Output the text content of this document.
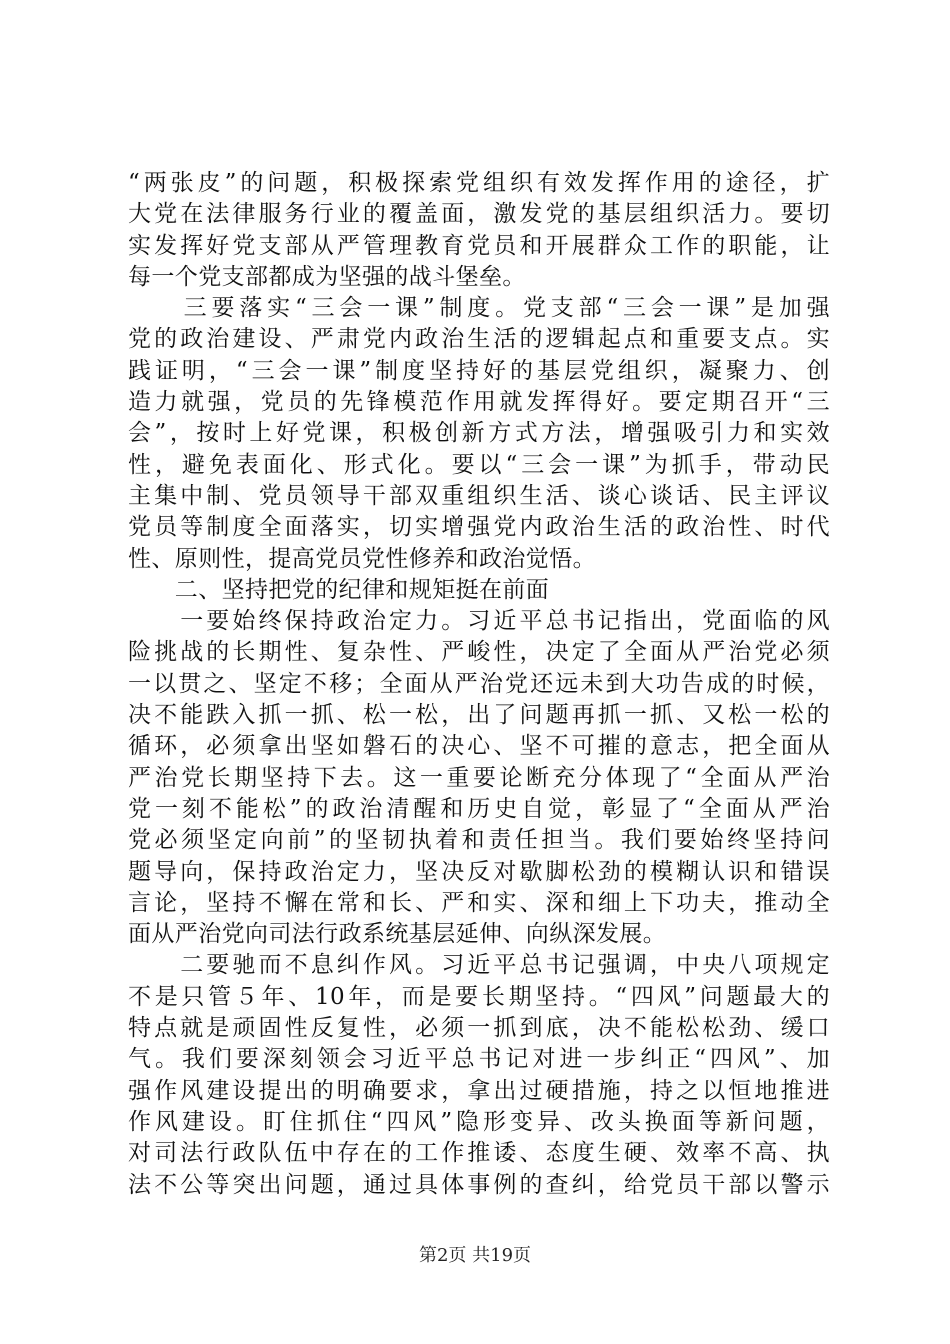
“两张皮”的问题，积极探索党组织有效发挥作用的途径，扩
大党在法律服务行业的覆盖面，激发党的基层组织活力。要切
实发挥好党支部从严管理教育党员和开展群众工作的职能，让
每一个党支部都成为坚强的战斗堡垒。
　　三要落实“三会一课”制度。党支部“三会一课”是加强
党的政治建设、严肃党内政治生活的逻辑起点和重要支点。实
践证明，“三会一课”制度坚持好的基层党组织，凝聚力、创
造力就强，党员的先锋模范作用就发挥得好。要定期召开“三
会”，按时上好党课，积极创新方式方法，增强吸引力和实效
性，避免表面化、形式化。要以“三会一课”为抓手，带动民
主集中制、党员领导干部双重组织生活、谈心谈话、民主评议
党员等制度全面落实，切实增强党内政治生活的政治性、时代
性、原则性，提高党员党性修养和政治觉悟。
　　二、坚持把党的纪律和规矩挺在前面
　　一要始终保持政治定力。习近平总书记指出，党面临的风
险挑战的长期性、复杂性、严峻性，决定了全面从严治党必须
一以贯之、坚定不移；全面从严治党还远未到大功告成的时候，
决不能跌入抓一抓、松一松，出了问题再抓一抓、又松一松的
循环，必须拿出坚如磐石的决心、坚不可摧的意志，把全面从
严治党长期坚持下去。这一重要论断充分体现了“全面从严治
党一刻不能松”的政治清醒和历史自觉，彰显了“全面从严治
党必须坚定向前”的坚韧执着和责任担当。我们要始终坚持问
题导向，保持政治定力，坚决反对歇脚松劲的模糊认识和错误
言论，坚持不懈在常和长、严和实、深和细上下功夫，推动全
面从严治党向司法行政系统基层延伸、向纵深发展。
　　二要驰而不息纠作风。习近平总书记强调，中央八项规定
不是只管５年、10年，而是要长期坚持。“四风”问题最大的
特点就是顽固性反复性，必须一抓到底，决不能松松劲、缓口
气。我们要深刻领会习近平总书记对进一步纠正“四风”、加
强作风建设提出的明确要求，拿出过硬措施，持之以恒地推进
作风建设。盯住抓住“四风”隐形变异、改头换面等新问题，
对司法行政队伍中存在的工作推诿、态度生硬、效率不高、执
法不公等突出问题，通过具体事例的查纠，给党员干部以警示
第2页 共19页
